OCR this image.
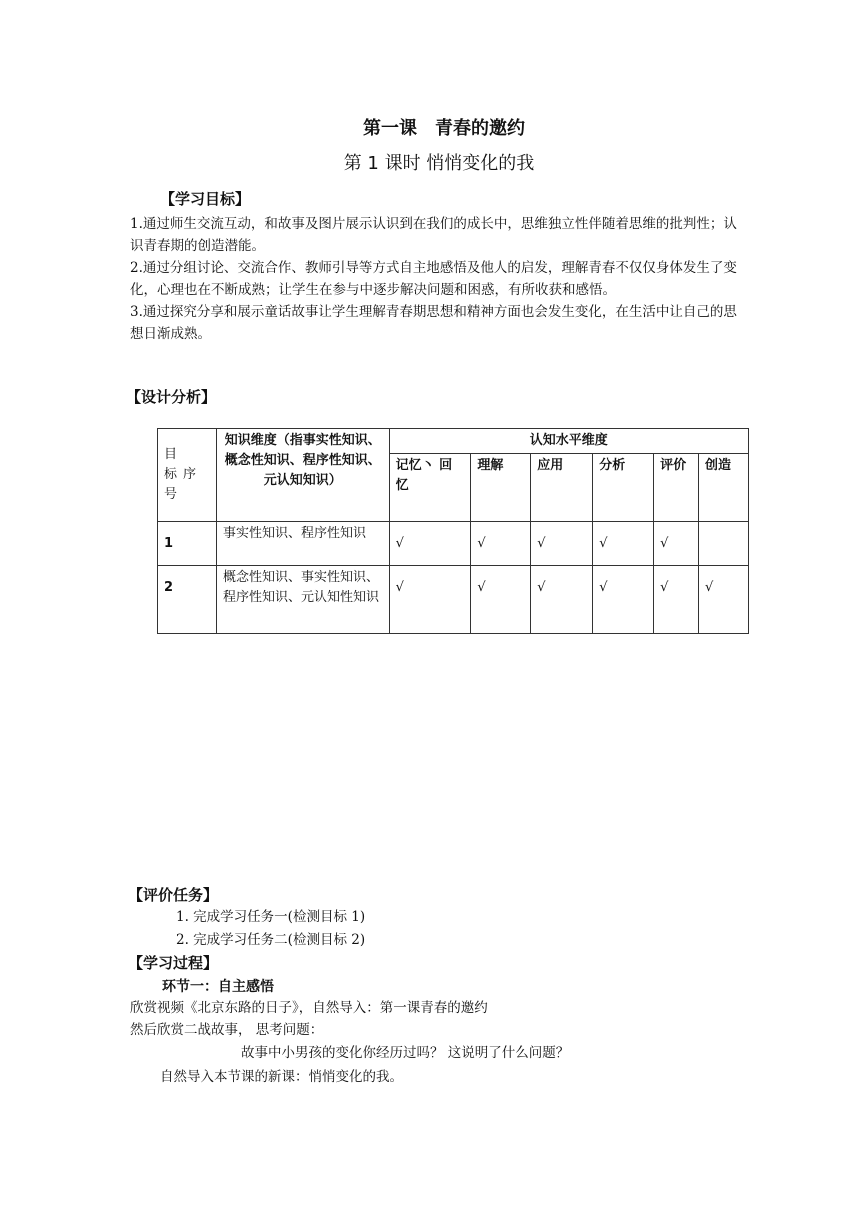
第一课　青春的邀约
第 1 课时 悄悄变化的我
【学习目标】

1.通过师生交流互动，和故事及图片展示认识到在我们的成长中，思维独立性伴随着思维的批判性；认识青春期的创造潜能。

2.通过分组讨论、交流合作、教师引导等方式自主地感悟及他人的启发，理解青春不仅仅身体发生了变化，心理也在不断成熟；让学生在参与中逐步解决问题和困惑，有所收获和感悟。

3.通过探究分享和展示童话故事让学生理解青春期思想和精神方面也会发生变化，在生活中让自己的思想日渐成熟。

【设计分析】
目　标序　号	知识维度（指事实性知识、概念性知识、程序性知识、元认知知识）	认知水平维度					
		记忆丶 回忆	理解	应用	分析	评价	创造
1	事实性知识、程序性知识	√	√	√	√	√	
2	概念性知识、事实性知识、程序性知识、元认知性知识	√	√	√	√	√	√
【评价任务】
1. 完成学习任务一(检测目标 1)
2. 完成学习任务二(检测目标 2)
【学习过程】
环节一：自主感悟
欣赏视频《北京东路的日子》，自然导入：第一课青春的邀约
然后欣赏二战故事， 思考问题：
故事中小男孩的变化你经历过吗？ 这说明了什么问题？
自然导入本节课的新课：悄悄变化的我。
